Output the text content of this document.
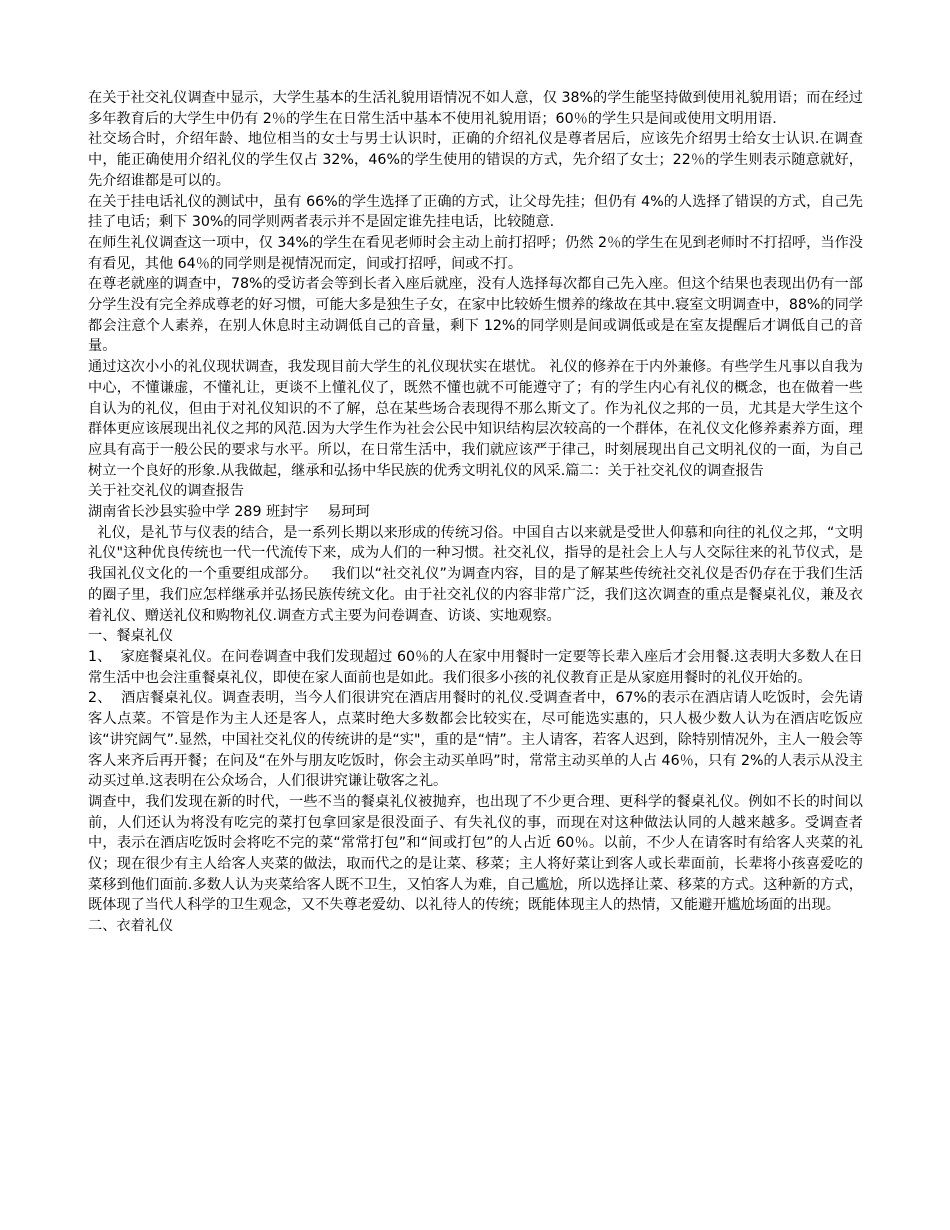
在关于社交礼仪调查中显示，大学生基本的生活礼貌用语情况不如人意，仅 38%的学生能坚持做到使用礼貌用语；而在经过多年教育后的大学生中仍有 2％的学生在日常生活中基本不使用礼貌用语；60％的学生只是间或使用文明用语.

社交场合时，介绍年龄、地位相当的女士与男士认识时，正确的介绍礼仪是尊者居后，应该先介绍男士给女士认识.在调查中，能正确使用介绍礼仪的学生仅占 32%，46%的学生使用的错误的方式，先介绍了女士；22％的学生则表示随意就好，先介绍谁都是可以的。

在关于挂电话礼仪的测试中，虽有 66%的学生选择了正确的方式，让父母先挂；但仍有 4%的人选择了错误的方式，自己先挂了电话；剩下 30%的同学则两者表示并不是固定谁先挂电话，比较随意.

在师生礼仪调查这一项中，仅 34%的学生在看见老师时会主动上前打招呼；仍然 2％的学生在见到老师时不打招呼，当作没有看见，其他 64％的同学则是视情况而定，间或打招呼，间或不打。

在尊老就座的调查中，78%的受访者会等到长者入座后就座，没有人选择每次都自己先入座。但这个结果也表现出仍有一部分学生没有完全养成尊老的好习惯，可能大多是独生子女，在家中比较娇生惯养的缘故在其中.寝室文明调查中，88%的同学都会注意个人素养，在别人休息时主动调低自己的音量，剩下 12%的同学则是间或调低或是在室友提醒后才调低自己的音量。

通过这次小小的礼仪现状调查，我发现目前大学生的礼仪现状实在堪忧。 礼仪的修养在于内外兼修。有些学生凡事以自我为中心，不懂谦虚，不懂礼让，更谈不上懂礼仪了，既然不懂也就不可能遵守了；有的学生内心有礼仪的概念，也在做着一些自认为的礼仪，但由于对礼仪知识的不了解，总在某些场合表现得不那么斯文了。作为礼仪之邦的一员，尤其是大学生这个群体更应该展现出礼仪之邦的风范.因为大学生作为社会公民中知识结构层次较高的一个群体，在礼仪文化修养素养方面，理应具有高于一般公民的要求与水平。所以，在日常生活中，我们就应该严于律己，时刻展现出自己文明礼仪的一面，为自己树立一个良好的形象.从我做起，继承和弘扬中华民族的优秀文明礼仪的风采.篇二：关于社交礼仪的调查报告

关于社交礼仪的调查报告

湖南省长沙县实验中学 289 班封宇　 易珂珂

礼仪，是礼节与仪表的结合，是一系列长期以来形成的传统习俗。中国自古以来就是受世人仰慕和向往的礼仪之邦，“文明礼仪"这种优良传统也一代一代流传下来，成为人们的一种习惯。社交礼仪，指导的是社会上人与人交际往来的礼节仪式，是我国礼仪文化的一个重要组成部分。   我们以“社交礼仪”为调查内容，目的是了解某些传统社交礼仪是否仍存在于我们生活的圈子里，我们应怎样继承并弘扬民族传统文化。由于社交礼仪的内容非常广泛，我们这次调查的重点是餐桌礼仪，兼及衣着礼仪、赠送礼仪和购物礼仪.调查方式主要为问卷调查、访谈、实地观察。

一、餐桌礼仪

1、  家庭餐桌礼仪。在问卷调查中我们发现超过 60％的人在家中用餐时一定要等长辈入座后才会用餐.这表明大多数人在日常生活中也会注重餐桌礼仪，即使在家人面前也是如此。我们很多小孩的礼仪教育正是从家庭用餐时的礼仪开始的。

2、  酒店餐桌礼仪。调查表明，当今人们很讲究在酒店用餐时的礼仪.受调查者中，67%的表示在酒店请人吃饭时，会先请客人点菜。不管是作为主人还是客人，点菜时绝大多数都会比较实在，尽可能选实惠的，只人极少数人认为在酒店吃饭应该“讲究阔气”.显然，中国社交礼仪的传统讲的是“实"，重的是“情”。主人请客，若客人迟到，除特别情况外，主人一般会等客人来齐后再开餐；在问及“在外与朋友吃饭时，你会主动买单吗”时，常常主动买单的人占 46％，只有 2%的人表示从没主动买过单.这表明在公众场合，人们很讲究谦让敬客之礼。

调查中，我们发现在新的时代，一些不当的餐桌礼仪被抛弃，也出现了不少更合理、更科学的餐桌礼仪。例如不长的时间以前，人们还认为将没有吃完的菜打包拿回家是很没面子、有失礼仪的事，而现在对这种做法认同的人越来越多。受调查者中，表示在酒店吃饭时会将吃不完的菜“常常打包”和“间或打包”的人占近 60％。以前，不少人在请客时有给客人夹菜的礼仪；现在很少有主人给客人夹菜的做法，取而代之的是让菜、移菜；主人将好菜让到客人或长辈面前，长辈将小孩喜爱吃的菜移到他们面前.多数人认为夹菜给客人既不卫生，又怕客人为难，自己尴尬，所以选择让菜、移菜的方式。这种新的方式，既体现了当代人科学的卫生观念，又不失尊老爱幼、以礼待人的传统；既能体现主人的热情，又能避开尴尬场面的出现。

二、衣着礼仪
